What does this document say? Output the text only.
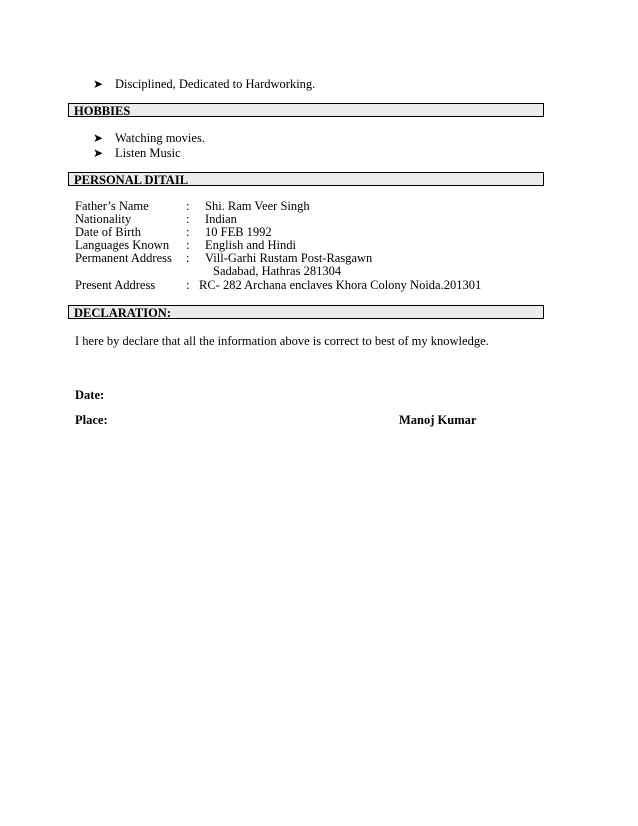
➤ Disciplined, Dedicated to Hardworking.
HOBBIES
➤ Watching movies.
➤ Listen Music
PERSONAL DITAIL
Father’s Name	: Shi. Ram Veer Singh
Nationality	: Indian
Date of Birth	: 10 FEB 1992
Languages Known : English and Hindi
Permanent Address : Vill-Garhi Rustam Post-Rasgawn
Sadabad, Hathras 281304
Present Address : RC- 282 Archana enclaves Khora Colony Noida.201301
DECLARATION:
I here by declare that all the information above is correct to best of my knowledge.
Date:
Place:	Manoj Kumar
